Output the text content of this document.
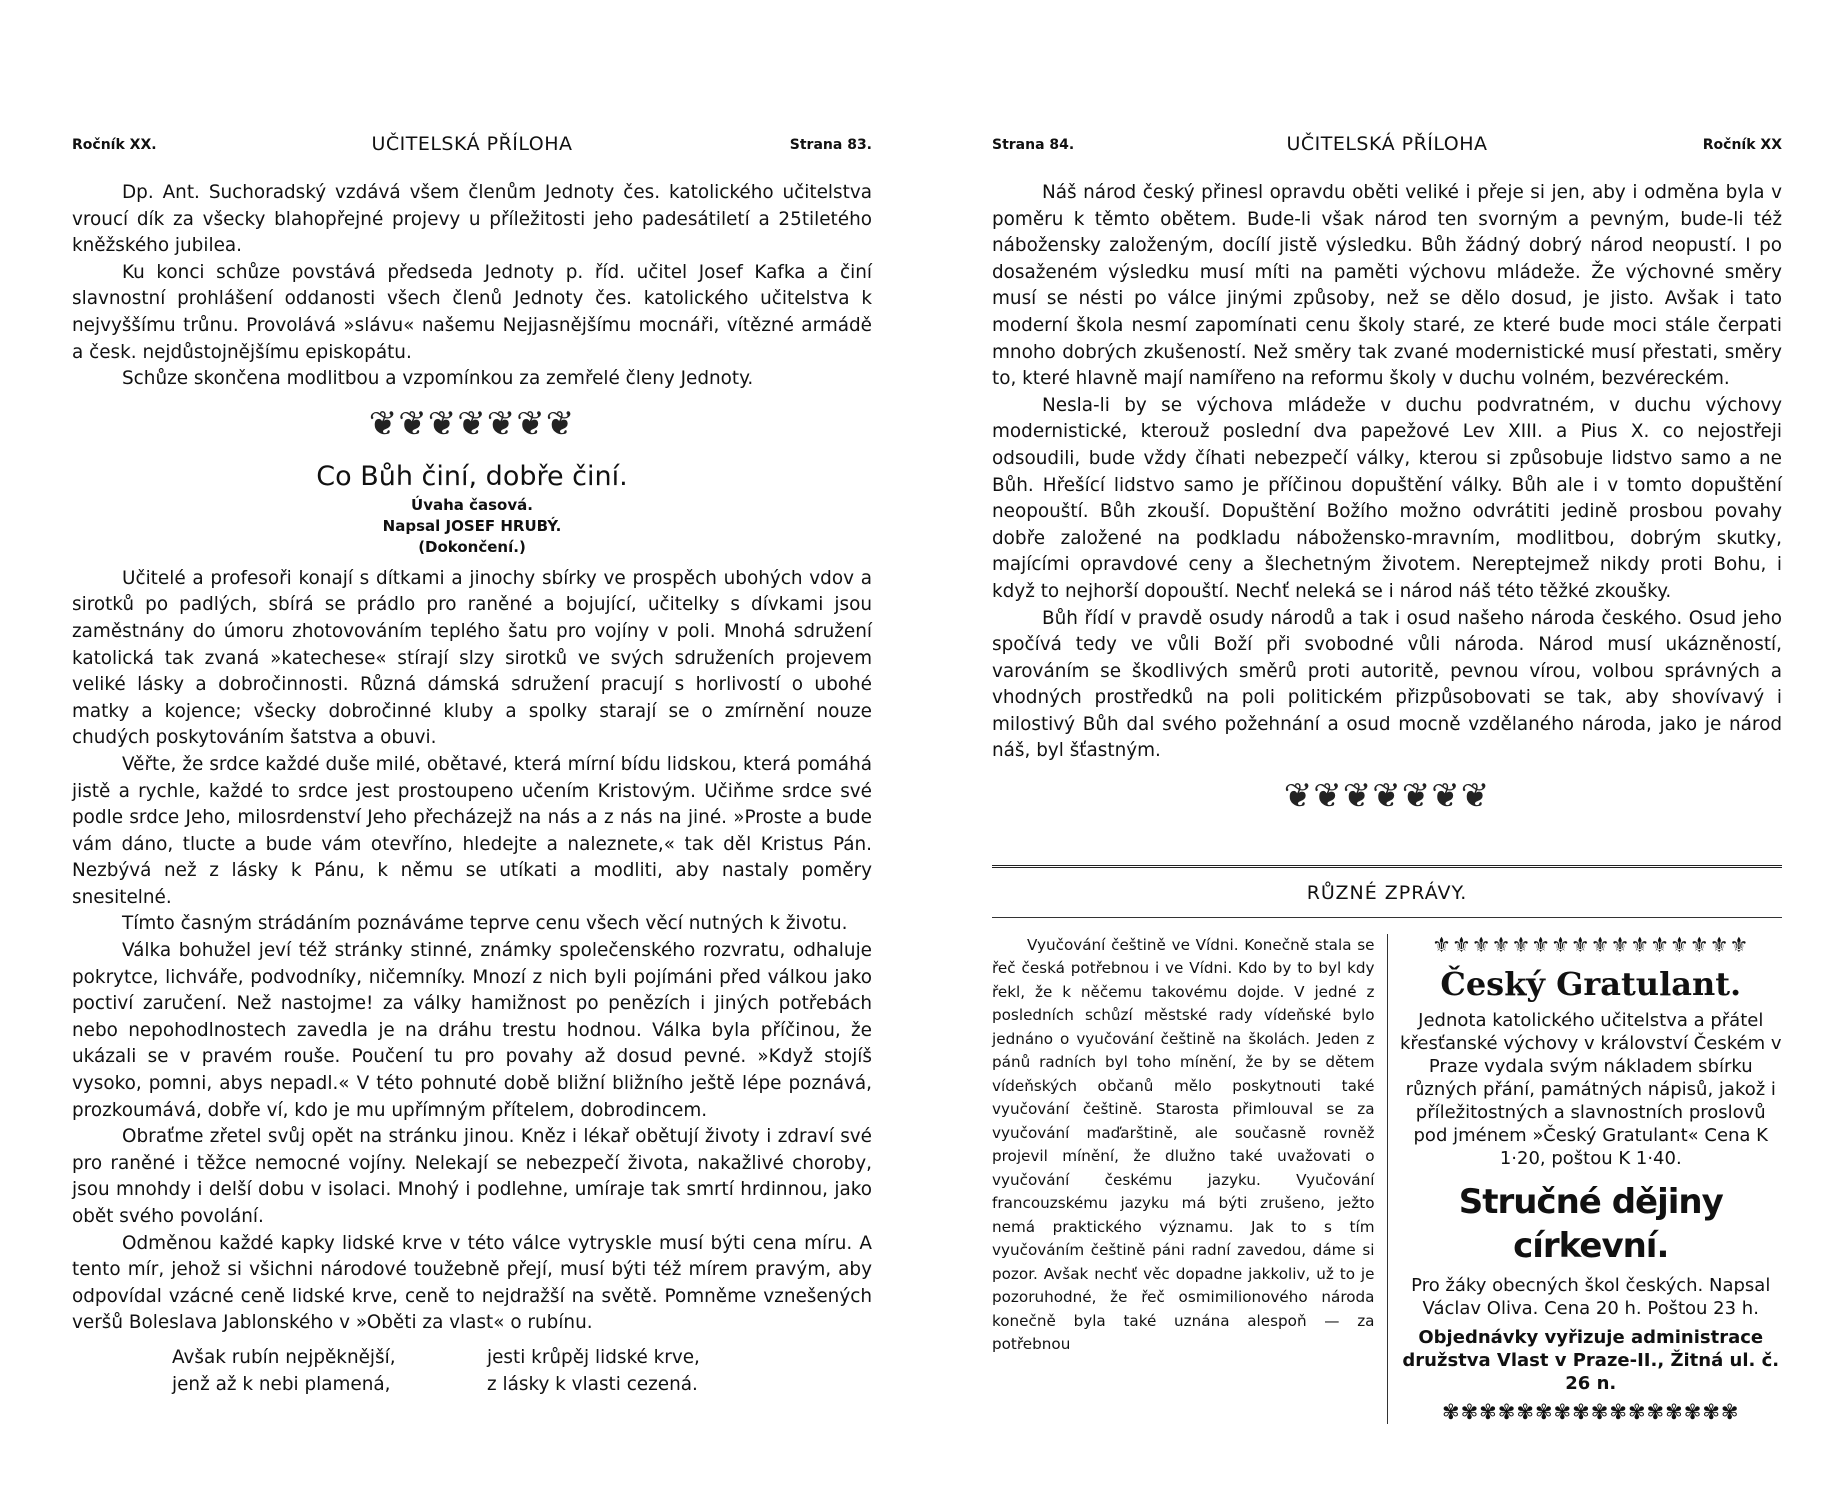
Ročník XX.	UČITELSKÁ PŘÍLOHA	Strana 83.

Dp. Ant. Suchoradský vzdává všem členům Jednoty čes. katolického učitelstva vroucí dík za všecky blahopřejné projevy u příležitosti jeho padesátiletí a 25tiletého kněžského jubilea.

Ku konci schůze povstává předseda Jednoty p. říd. učitel Josef Kafka a činí slavnostní prohlášení oddanosti všech členů Jednoty čes. katolického učitelstva k nejvyššímu trůnu. Provolává »slávu« našemu Nejjasnějšímu mocnáři, vítězné armádě a česk. nejdůstojnějšímu episkopátu.

Schůze skončena modlitbou a vzpomínkou za zemřelé členy Jednoty.

❦❦❦❦❦❦❦
Co Bůh činí, dobře činí.
Úvaha časová.
Napsal JOSEF HRUBÝ.
(Dokončení.)

Učitelé a profesoři konají s dítkami a jinochy sbírky ve prospěch ubohých vdov a sirotků po padlých, sbírá se prádlo pro raněné a bojující, učitelky s dívkami jsou zaměstnány do úmoru zhotovováním teplého šatu pro vojíny v poli. Mnohá sdružení katolická tak zvaná »katechese« stírají slzy sirotků ve svých sdruženích projevem veliké lásky a dobročinnosti. Různá dámská sdružení pracují s horlivostí o ubohé matky a kojence; všecky dobročinné kluby a spolky starají se o zmírnění nouze chudých poskytováním šatstva a obuvi.

Věřte, že srdce každé duše milé, obětavé, která mírní bídu lidskou, která pomáhá jistě a rychle, každé to srdce jest prostoupeno učením Kristovým. Učiňme srdce své podle srdce Jeho, milosrdenství Jeho přecházejž na nás a z nás na jiné. »Proste a bude vám dáno, tlucte a bude vám otevříno, hledejte a naleznete,« tak děl Kristus Pán. Nezbývá než z lásky k Pánu, k němu se utíkati a modliti, aby nastaly poměry snesitelné.

Tímto časným strádáním poznáváme teprve cenu všech věcí nutných k životu.

Válka bohužel jeví též stránky stinné, známky společenského rozvratu, odhaluje pokrytce, lichváře, podvodníky, ničemníky. Mnozí z nich byli pojímáni před válkou jako poctiví zaručení. Než nastojme! za války hamižnost po penězích i jiných potřebách nebo nepohodlnostech zavedla je na dráhu trestu hodnou. Válka byla příčinou, že ukázali se v pravém rouše. Poučení tu pro povahy až dosud pevné. »Když stojíš vysoko, pomni, abys nepadl.« V této pohnuté době bližní bližního ještě lépe poznává, prozkoumává, dobře ví, kdo je mu upřímným přítelem, dobrodincem.

Obraťme zřetel svůj opět na stránku jinou. Kněz i lékař obětují životy i zdraví své pro raněné i těžce nemocné vojíny. Nelekají se nebezpečí života, nakažlivé choroby, jsou mnohdy i delší dobu v isolaci. Mnohý i podlehne, umíraje tak smrtí hrdinnou, jako obět svého povolání.

Odměnou každé kapky lidské krve v této válce vytryskle musí býti cena míru. A tento mír, jehož si všichni národové toužebně přejí, musí býti též mírem pravým, aby odpovídal vzácné ceně lidské krve, ceně to nejdražší na světě. Pomněme vznešených veršů Boleslava Jablonského v »Oběti za vlast« o rubínu.

Avšak rubín nejpěknější,	jesti krůpěj lidské krve,
jenž až k nebi plamená,	z lásky k vlasti cezená.
Strana 84.	UČITELSKÁ PŘÍLOHA	Ročník XX

Náš národ český přinesl opravdu oběti veliké i přeje si jen, aby i odměna byla v poměru k těmto obětem. Bude-li však národ ten svorným a pevným, bude-li též nábožensky založeným, docílí jistě výsledku. Bůh žádný dobrý národ neopustí. I po dosaženém výsledku musí míti na paměti výchovu mládeže. Že výchovné směry musí se nésti po válce jinými způsoby, než se dělo dosud, je jisto. Avšak i tato moderní škola nesmí zapomínati cenu školy staré, ze které bude moci stále čerpati mnoho dobrých zkušeností. Než směry tak zvané modernistické musí přestati, směry to, které hlavně mají namířeno na reformu školy v duchu volném, bezvéreckém.

Nesla-li by se výchova mládeže v duchu podvratném, v duchu výchovy modernistické, kterouž poslední dva papežové Lev XIII. a Pius X. co nejostřeji odsoudili, bude vždy číhati nebezpečí války, kterou si způsobuje lidstvo samo a ne Bůh. Hřešící lidstvo samo je příčinou dopuštění války. Bůh ale i v tomto dopuštění neopouští. Bůh zkouší. Dopuštění Božího možno odvrátiti jedině prosbou povahy dobře založené na podkladu nábožensko-mravním, modlitbou, dobrým skutky, majícími opravdové ceny a šlechetným životem. Nereptejmež nikdy proti Bohu, i když to nejhorší dopouští. Nechť neleká se i národ náš této těžké zkoušky.

Bůh řídí v pravdě osudy národů a tak i osud našeho národa českého. Osud jeho spočívá tedy ve vůli Boží při svobodné vůli národa. Národ musí ukázněností, varováním se škodlivých směrů proti autoritě, pevnou vírou, volbou správných a vhodných prostředků na poli politickém přizpůsobovati se tak, aby shovívavý i milostivý Bůh dal svého požehnání a osud mocně vzdělaného národa, jako je národ náš, byl šťastným.

❦❦❦❦❦❦❦
RŮZNÉ ZPRÁVY.

Vyučování češtině ve Vídni. Konečně stala se řeč česká potřebnou i ve Vídni. Kdo by to byl kdy řekl, že k něčemu takovému dojde. V jedné z posledních schůzí městské rady vídeňské bylo jednáno o vyučování češtině na školách. Jeden z pánů radních byl toho mínění, že by se dětem vídeňských občanů mělo poskytnouti také vyučování češtině. Starosta přimlouval se za vyučování maďarštině, ale současně rovněž projevil mínění, že dlužno také uvažovati o vyučování českému jazyku. Vyučování francouzskému jazyku má býti zrušeno, ježto nemá praktického významu. Jak to s tím vyučováním češtině páni radní zavedou, dáme si pozor. Avšak nechť věc dopadne jakkoliv, už to je pozoruhodné, že řeč osmimilionového národa konečně byla také uznána alespoň — za potřebnou

⚜⚜⚜⚜⚜⚜⚜⚜⚜⚜⚜⚜⚜⚜⚜⚜
Český Gratulant.
Jednota katolického učitelstva a přátel křesťanské výchovy v království Českém v Praze vydala svým nákladem sbírku různých přání, památných nápisů, jakož i příležitostných a slavnostních proslovů pod jménem »Český Gratulant« Cena K 1·20, poštou K 1·40.
Stručné dějiny církevní.
Pro žáky obecných škol českých. Napsal Václav Oliva. Cena 20 h. Poštou 23 h.
Objednávky vyřizuje administrace družstva Vlast v Praze-II., Žitná ul. č. 26 n.
✾✾✾✾✾✾✾✾✾✾✾✾✾✾✾✾
